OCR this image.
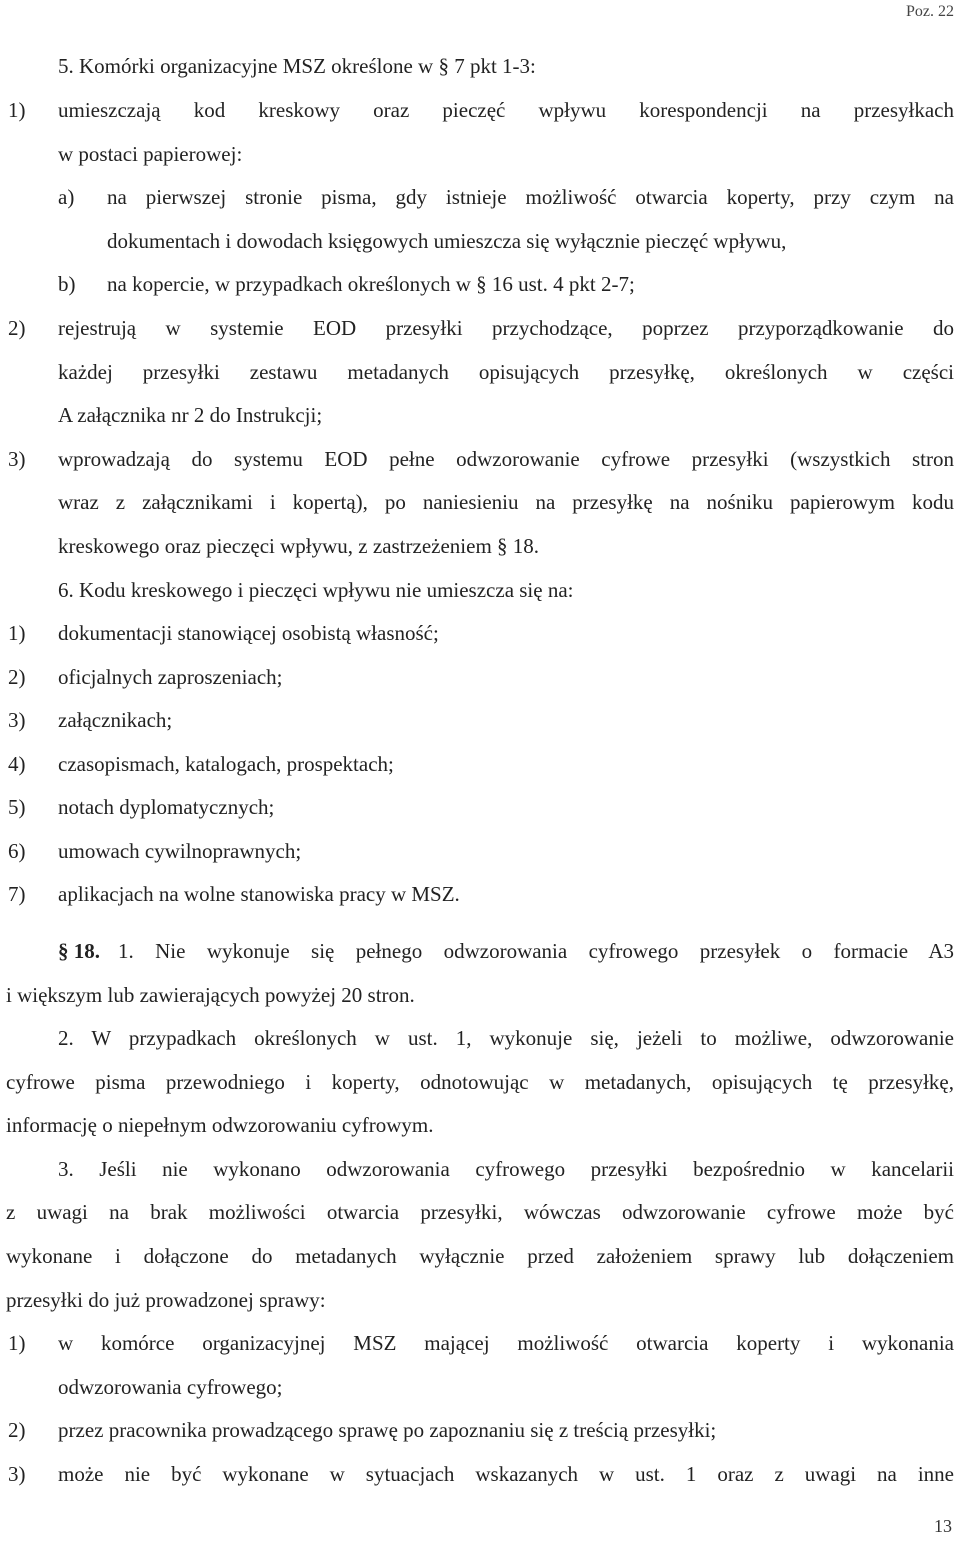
Poz. 22
5. Komórki organizacyjne MSZ określone w § 7 pkt 1-3:
1) umieszczają kod kreskowy oraz pieczęć wpływu korespondencji na przesyłkach
w postaci papierowej:
a) na pierwszej stronie pisma, gdy istnieje możliwość otwarcia koperty, przy czym na
dokumentach i dowodach księgowych umieszcza się wyłącznie pieczęć wpływu,
b) na kopercie, w przypadkach określonych w § 16 ust. 4 pkt 2-7;
2) rejestrują w systemie EOD przesyłki przychodzące, poprzez przyporządkowanie do
każdej przesyłki zestawu metadanych opisujących przesyłkę, określonych w części
A załącznika nr 2 do Instrukcji;
3) wprowadzają do systemu EOD pełne odwzorowanie cyfrowe przesyłki (wszystkich stron
wraz z załącznikami i kopertą), po naniesieniu na przesyłkę na nośniku papierowym kodu
kreskowego oraz pieczęci wpływu, z zastrzeżeniem § 18.
6. Kodu kreskowego i pieczęci wpływu nie umieszcza się na:
1) dokumentacji stanowiącej osobistą własność;
2) oficjalnych zaproszeniach;
3) załącznikach;
4) czasopismach, katalogach, prospektach;
5) notach dyplomatycznych;
6) umowach cywilnoprawnych;
7) aplikacjach na wolne stanowiska pracy w MSZ.
§ 18. 1. Nie wykonuje się pełnego odwzorowania cyfrowego przesyłek o formacie A3
i większym lub zawierających powyżej 20 stron.
2. W przypadkach określonych w ust. 1, wykonuje się, jeżeli to możliwe, odwzorowanie
cyfrowe pisma przewodniego i koperty, odnotowując w metadanych, opisujących tę przesyłkę,
informację o niepełnym odwzorowaniu cyfrowym.
3. Jeśli nie wykonano odwzorowania cyfrowego przesyłki bezpośrednio w kancelarii
z uwagi na brak możliwości otwarcia przesyłki, wówczas odwzorowanie cyfrowe może być
wykonane i dołączone do metadanych wyłącznie przed założeniem sprawy lub dołączeniem
przesyłki do już prowadzonej sprawy:
1) w komórce organizacyjnej MSZ mającej możliwość otwarcia koperty i wykonania
odwzorowania cyfrowego;
2) przez pracownika prowadzącego sprawę po zapoznaniu się z treścią przesyłki;
3) może nie być wykonane w sytuacjach wskazanych w ust. 1 oraz z uwagi na inne
13
